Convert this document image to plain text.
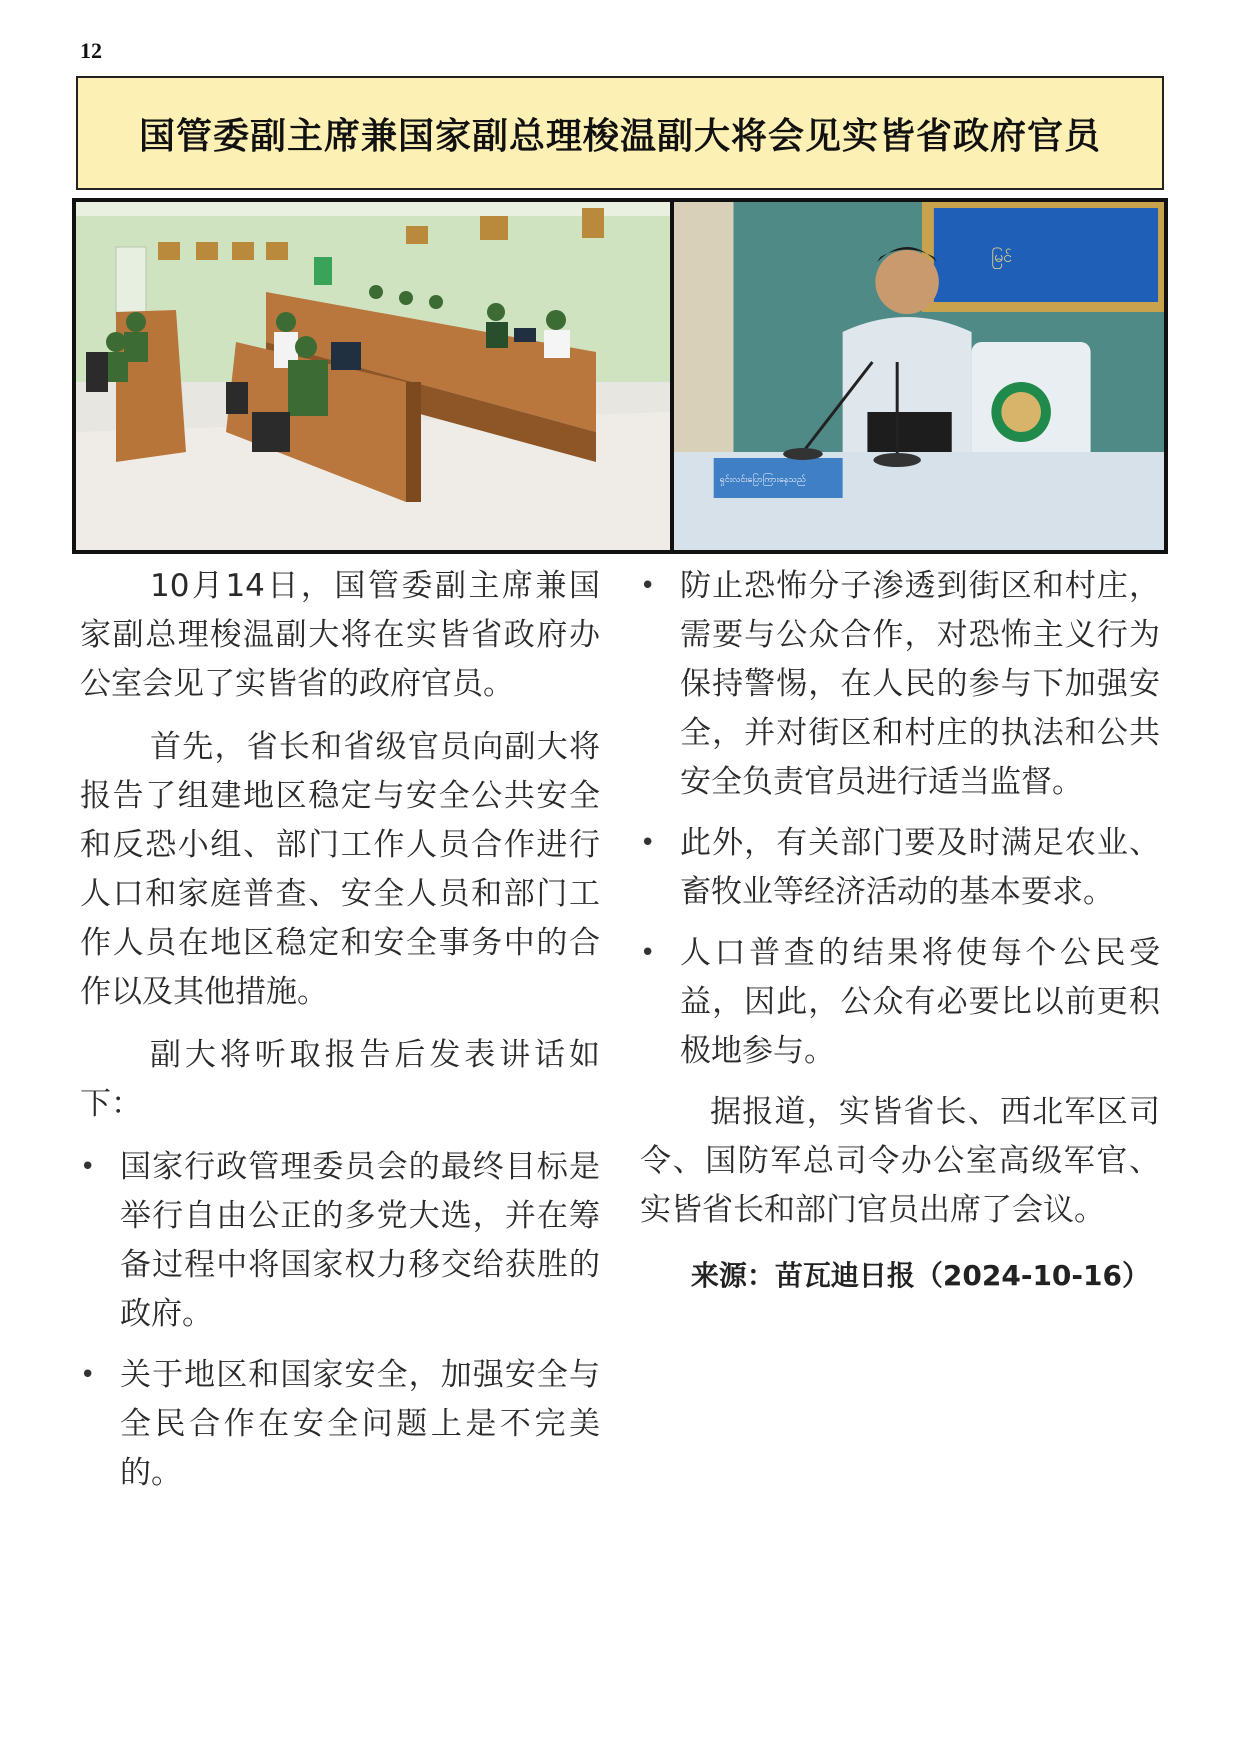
12
国管委副主席兼国家副总理梭温副大将会见实皆省政府官员
မြင်
ရှင်းလင်းပြောကြားနေသည်

10月14日，国管委副主席兼国家副总理梭温副大将在实皆省政府办公室会见了实皆省的政府官员。

首先，省长和省级官员向副大将报告了组建地区稳定与安全公共安全和反恐小组、部门工作人员合作进行人口和家庭普查、安全人员和部门工作人员在地区稳定和安全事务中的合作以及其他措施。

副大将听取报告后发表讲话如下：

• 国家行政管理委员会的最终目标是举行自由公正的多党大选，并在筹备过程中将国家权力移交给获胜的政府。
• 关于地区和国家安全，加强安全与全民合作在安全问题上是不完美的。
• 防止恐怖分子渗透到街区和村庄，需要与公众合作，对恐怖主义行为保持警惕，在人民的参与下加强安全，并对街区和村庄的执法和公共安全负责官员进行适当监督。
• 此外，有关部门要及时满足农业、畜牧业等经济活动的基本要求。
• 人口普查的结果将使每个公民受益，因此，公众有必要比以前更积极地参与。

据报道，实皆省长、西北军区司令、国防军总司令办公室高级军官、实皆省长和部门官员出席了会议。

来源：苗瓦迪日报（2024-10-16）
